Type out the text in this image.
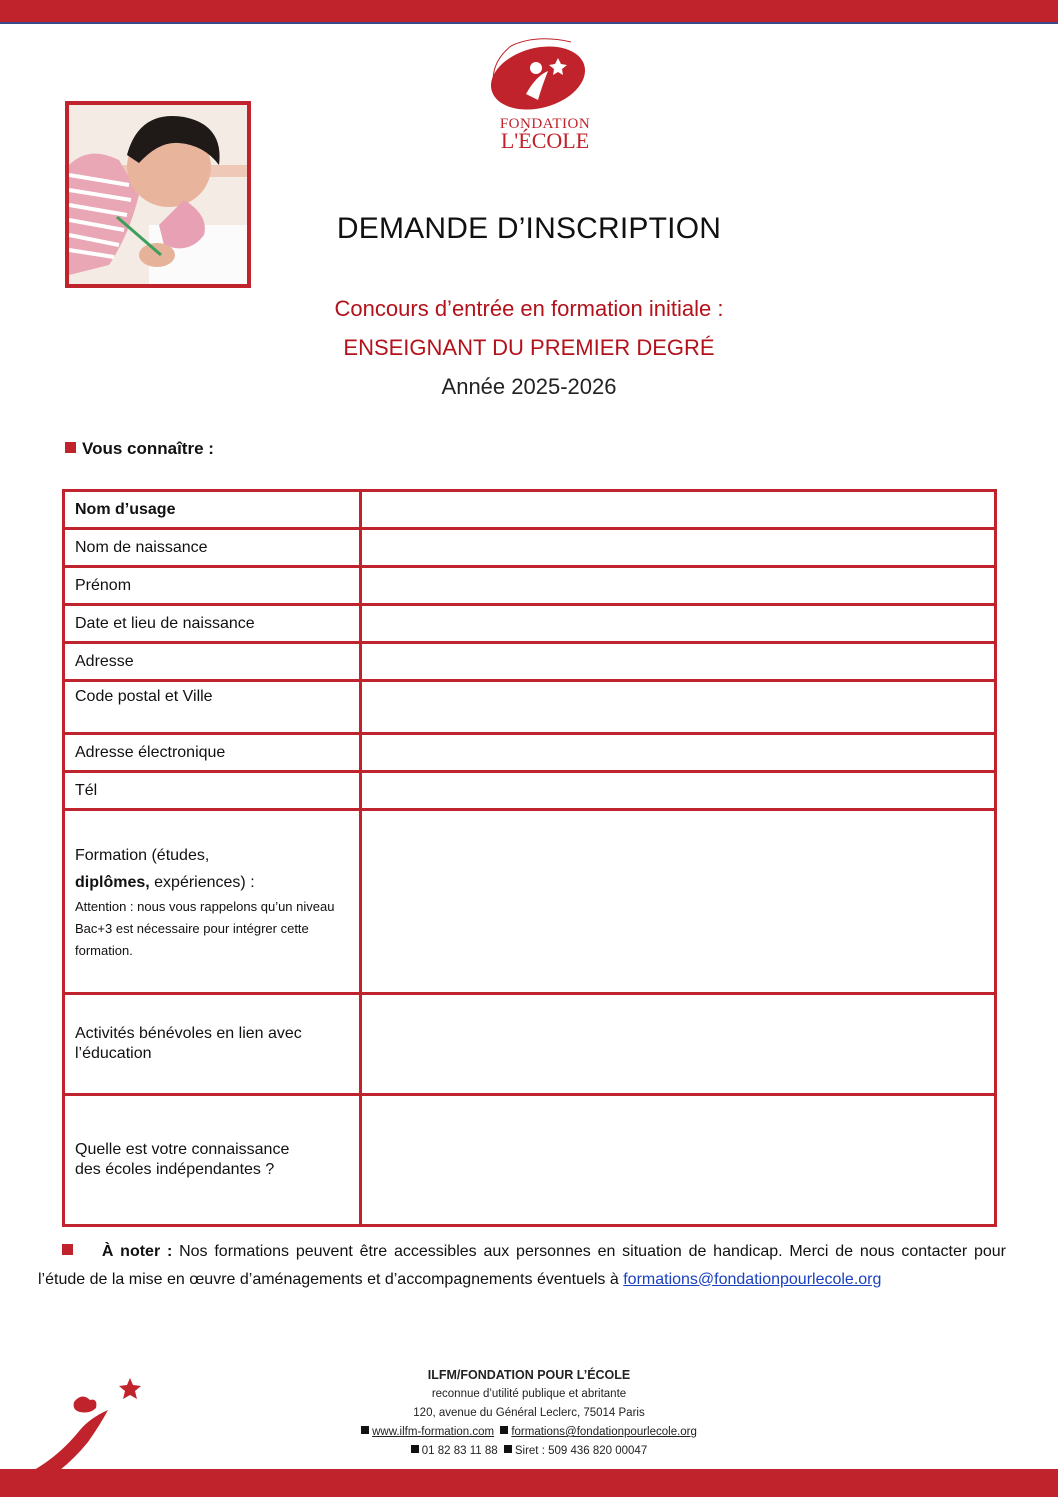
FONDATION
L'ÉCOLE
DEMANDE D’INSCRIPTION
Concours d’entrée en formation initiale :
ENSEIGNANT DU PREMIER DEGRÉ
Année 2025-2026
Vous connaître :
Nom d’usage	
Nom de naissance	
Prénom	
Date et lieu de naissance	
Adresse	
Code postal et Ville	
Adresse électronique	
Tél	
Formation (études,
diplômes, expériences) :
Attention : nous vous rappelons qu’un niveau Bac+3 est nécessaire pour intégrer cette formation.	

Activités bénévoles en lien avec l’éducation	
Quelle est votre connaissance des écoles indépendantes ?	
À noter : Nos formations peuvent être accessibles aux personnes en situation de handicap. Merci de nous contacter pour l’étude de la mise en œuvre d’aménagements et d’accompagnements éventuels à formations@fondationpourlecole.org
ILFM/FONDATION POUR L’ÉCOLE
reconnue d’utilité publique et abritante
120, avenue du Général Leclerc, 75014 Paris
www.ilfm-formation.com formations@fondationpourlecole.org
01 82 83 11 88 Siret : 509 436 820 00047
